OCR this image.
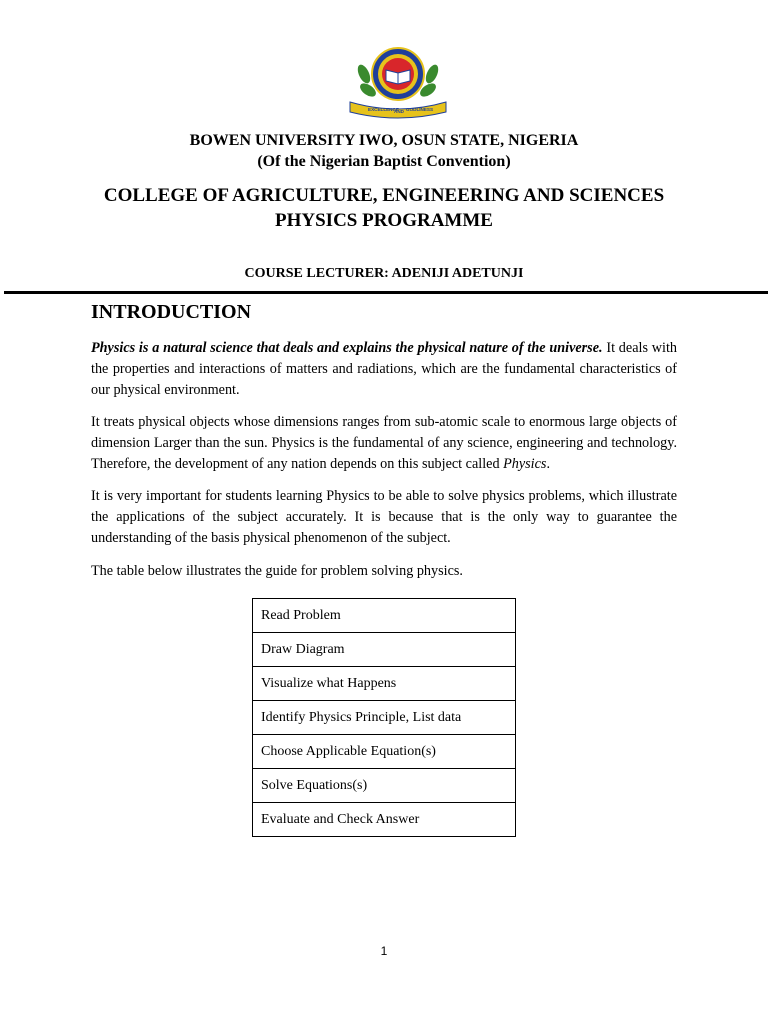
EXCELLENCE
AND GODLINESS
BOWEN UNIVERSITY IWO, OSUN STATE, NIGERIA
(Of the Nigerian Baptist Convention)
COLLEGE OF AGRICULTURE, ENGINEERING AND SCIENCES
PHYSICS PROGRAMME
COURSE LECTURER: ADENIJI ADETUNJI
INTRODUCTION

Physics is a natural science that deals and explains the physical nature of the universe. It deals with the properties and interactions of matters and radiations, which are the fundamental characteristics of our physical environment.

It treats physical objects whose dimensions ranges from sub-atomic scale to enormous large objects of dimension Larger than the sun. Physics is the fundamental of any science, engineering and technology. Therefore, the development of any nation depends on this subject called Physics.

It is very important for students learning Physics to be able to solve physics problems, which illustrate the applications of the subject accurately. It is because that is the only way to guarantee the understanding of the basis physical phenomenon of the subject.

The table below illustrates the guide for problem solving physics.

Read Problem
Draw Diagram
Visualize what Happens
Identify Physics Principle, List data
Choose Applicable Equation(s)
Solve Equations(s)
Evaluate and Check Answer
1
